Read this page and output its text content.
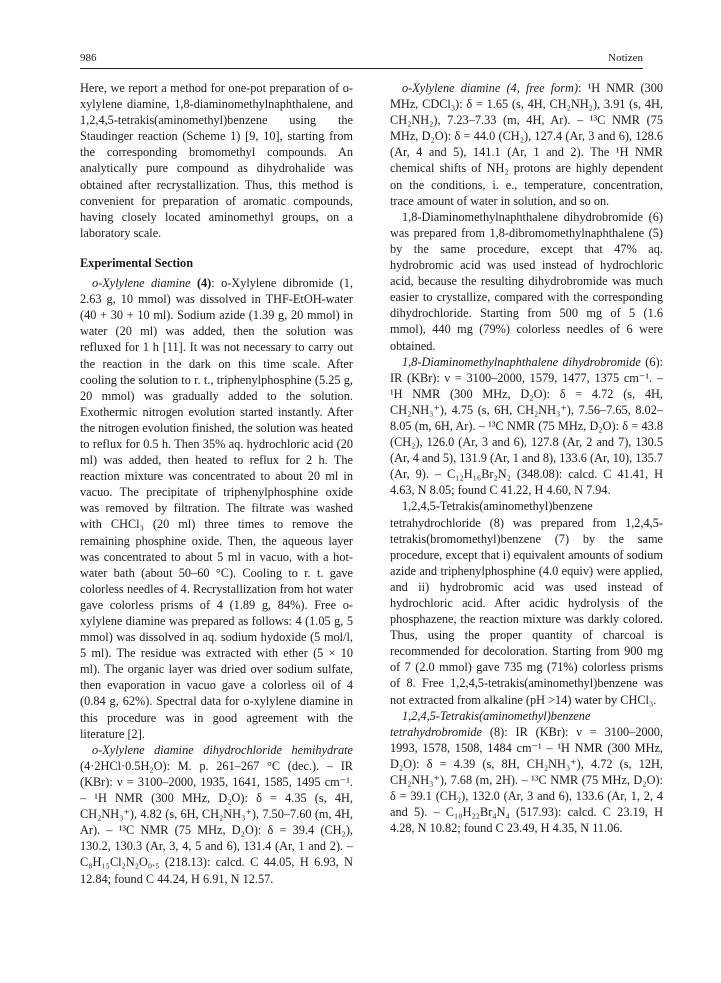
986	Notizen

Here, we report a method for one-pot preparation of o-xylylene diamine, 1,8-diaminomethylnaphthalene, and 1,2,4,5-tetrakis(aminomethyl)benzene using the Staudinger reaction (Scheme 1) [9, 10], starting from the corresponding bromomethyl compounds. An analytically pure compound as dihydrohalide was obtained after recrystallization. Thus, this method is convenient for preparation of aromatic compounds, having closely located aminomethyl groups, on a laboratory scale.

Experimental Section

o-Xylylene diamine (4): o-Xylylene dibromide (1, 2.63 g, 10 mmol) was dissolved in THF-EtOH-water (40 + 30 + 10 ml). Sodium azide (1.39 g, 20 mmol) in water (20 ml) was added, then the solution was refluxed for 1 h [11]. It was not necessary to carry out the reaction in the dark on this time scale. After cooling the solution to r. t., triphenylphosphine (5.25 g, 20 mmol) was gradually added to the solution. Exothermic nitrogen evolution started instantly. After the nitrogen evolution finished, the solution was heated to reflux for 0.5 h. Then 35% aq. hydrochloric acid (20 ml) was added, then heated to reflux for 2 h. The reaction mixture was concentrated to about 20 ml in vacuo. The precipitate of triphenylphosphine oxide was removed by filtration. The filtrate was washed with CHCl₃ (20 ml) three times to remove the remaining phosphine oxide. Then, the aqueous layer was concentrated to about 5 ml in vacuo, with a hot-water bath (about 50–60 °C). Cooling to r. t. gave colorless needles of 4. Recrystallization from hot water gave colorless prisms of 4 (1.89 g, 84%). Free o-xylylene diamine was prepared as follows: 4 (1.05 g, 5 mmol) was dissolved in aq. sodium hydoxide (5 mol/l, 5 ml). The residue was extracted with ether (5 × 10 ml). The organic layer was dried over sodium sulfate, then evaporation in vacuo gave a colorless oil of 4 (0.84 g, 62%). Spectral data for o-xylylene diamine in this procedure was in good agreement with the literature [2].

o-Xylylene diamine dihydrochloride hemihydrate (4·2HCl·0.5H₂O): M. p. 261–267 °C (dec.). – IR (KBr): ν = 3100–2000, 1935, 1641, 1585, 1495 cm⁻¹. – ¹H NMR (300 MHz, D₂O): δ = 4.35 (s, 4H, CH₂NH₃⁺), 4.82 (s, 6H, CH₂NH₃⁺), 7.50–7.60 (m, 4H, Ar). – ¹³C NMR (75 MHz, D₂O): δ = 39.4 (CH₂), 130.2, 130.3 (Ar, 3, 4, 5 and 6), 131.4 (Ar, 1 and 2). – C₈H₁₅Cl₂N₂O₀.₅ (218.13): calcd. C 44.05, H 6.93, N 12.84; found C 44.24, H 6.91, N 12.57.

o-Xylylene diamine (4, free form): ¹H NMR (300 MHz, CDCl₃): δ = 1.65 (s, 4H, CH₂NH₂), 3.91 (s, 4H, CH₂NH₂), 7.23–7.33 (m, 4H, Ar). – ¹³C NMR (75 MHz, D₂O): δ = 44.0 (CH₂), 127.4 (Ar, 3 and 6), 128.6 (Ar, 4 and 5), 141.1 (Ar, 1 and 2). The ¹H NMR chemical shifts of NH₂ protons are highly dependent on the conditions, i. e., temperature, concentration, trace amount of water in solution, and so on.

1,8-Diaminomethylnaphthalene dihydrobromide (6) was prepared from 1,8-dibromomethylnaphthalene (5) by the same procedure, except that 47% aq. hydrobromic acid was used instead of hydrochloric acid, because the resulting dihydrobromide was much easier to crystallize, compared with the corresponding dihydrochloride. Starting from 500 mg of 5 (1.6 mmol), 440 mg (79%) colorless needles of 6 were obtained.

1,8-Diaminomethylnaphthalene dihydrobromide (6): IR (KBr): ν = 3100–2000, 1579, 1477, 1375 cm⁻¹. – ¹H NMR (300 MHz, D₂O): δ = 4.72 (s, 4H, CH₂NH₃⁺), 4.75 (s, 6H, CH₂NH₃⁺), 7.56–7.65, 8.02–8.05 (m, 6H, Ar). – ¹³C NMR (75 MHz, D₂O): δ = 43.8 (CH₂), 126.0 (Ar, 3 and 6), 127.8 (Ar, 2 and 7), 130.5 (Ar, 4 and 5), 131.9 (Ar, 1 and 8), 133.6 (Ar, 10), 135.7 (Ar, 9). – C₁₂H₁₆Br₂N₂ (348.08): calcd. C 41.41, H 4.63, N 8.05; found C 41.22, H 4.60, N 7.94.

1,2,4,5-Tetrakis(aminomethyl)benzene tetrahydrochloride (8) was prepared from 1,2,4,5-tetrakis(bromomethyl)benzene (7) by the same procedure, except that i) equivalent amounts of sodium azide and triphenylphosphine (4.0 equiv) were applied, and ii) hydrobromic acid was used instead of hydrochloric acid. After acidic hydrolysis of the phosphazene, the reaction mixture was darkly colored. Thus, using the proper quantity of charcoal is recommended for decoloration. Starting from 900 mg of 7 (2.0 mmol) gave 735 mg (71%) colorless prisms of 8. Free 1,2,4,5-tetrakis(aminomethyl)benzene was not extracted from alkaline (pH >14) water by CHCl₃.

1,2,4,5-Tetrakis(aminomethyl)benzene tetrahydrobromide (8): IR (KBr): ν = 3100–2000, 1993, 1578, 1508, 1484 cm⁻¹ – ¹H NMR (300 MHz, D₂O): δ = 4.39 (s, 8H, CH₂NH₃⁺), 4.72 (s, 12H, CH₂NH₃⁺), 7.68 (m, 2H). – ¹³C NMR (75 MHz, D₂O): δ = 39.1 (CH₂), 132.0 (Ar, 3 and 6), 133.6 (Ar, 1, 2, 4 and 5). – C₁₀H₂₂Br₄N₄ (517.93): calcd. C 23.19, H 4.28, N 10.82; found C 23.49, H 4.35, N 11.06.
